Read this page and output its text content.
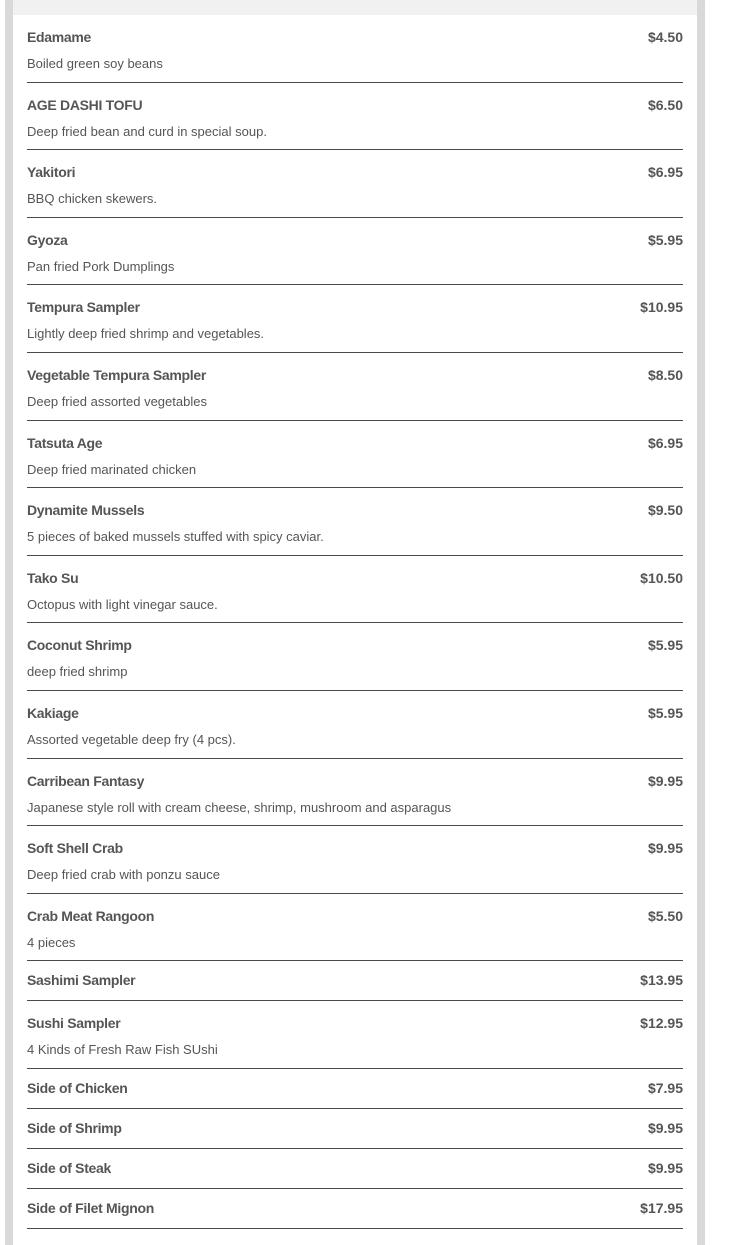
Edamame	$4.50
Boiled green soy beans
AGE DASHI TOFU	$6.50
Deep fried bean and curd in special soup.
Yakitori	$6.95
BBQ chicken skewers.
Gyoza	$5.95
Pan fried Pork Dumplings
Tempura Sampler	$10.95
Lightly deep fried shrimp and vegetables.
Vegetable Tempura Sampler	$8.50
Deep fried assorted vegetables
Tatsuta Age	$6.95
Deep fried marinated chicken
Dynamite Mussels	$9.50
5 pieces of baked mussels stuffed with spicy caviar.
Tako Su	$10.50
Octopus with light vinegar sauce.
Coconut Shrimp	$5.95
deep fried shrimp
Kakiage	$5.95
Assorted vegetable deep fry (4 pcs).
Carribean Fantasy	$9.95
Japanese style roll with cream cheese, shrimp, mushroom and asparagus
Soft Shell Crab	$9.95
Deep fried crab with ponzu sauce
Crab Meat Rangoon	$5.50
4 pieces
Sashimi Sampler	$13.95
Sushi Sampler	$12.95
4 Kinds of Fresh Raw Fish SUshi
Side of Chicken	$7.95
Side of Shrimp	$9.95
Side of Steak	$9.95
Side of Filet Mignon	$17.95
